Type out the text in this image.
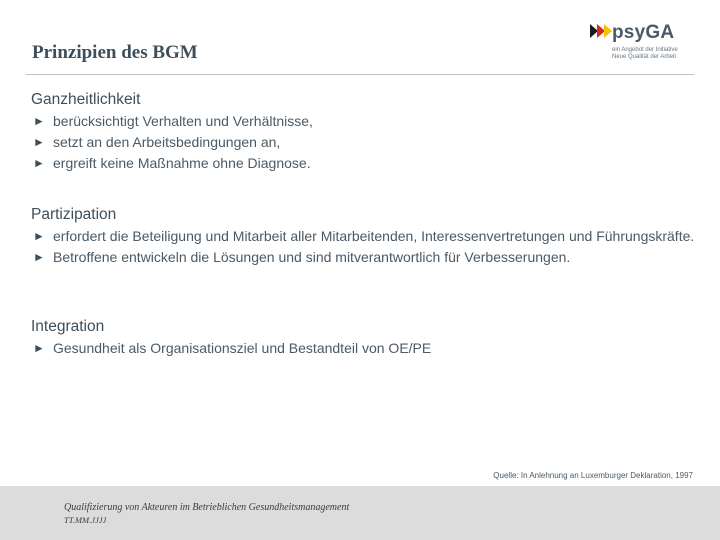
Prinzipien des BGM
psyGA
ein Angebot der Initiative
Neue Qualität der Arbeit
Ganzheitlichkeit
► berücksichtigt Verhalten und Verhältnisse,
► setzt an den Arbeitsbedingungen an,
► ergreift keine Maßnahme ohne Diagnose.
Partizipation
► erfordert die Beteiligung und Mitarbeit aller Mitarbeitenden, Interessenvertretungen und Führungskräfte.
► Betroffene entwickeln die Lösungen und sind mitverantwortlich für Verbesserungen.
Integration
► Gesundheit als Organisationsziel und Bestandteil von OE/PE
Quelle: In Anlehnung an Luxemburger Deklaration, 1997
Qualifizierung von Akteuren im Betrieblichen Gesundheitsmanagement
TT.MM.JJJJ
